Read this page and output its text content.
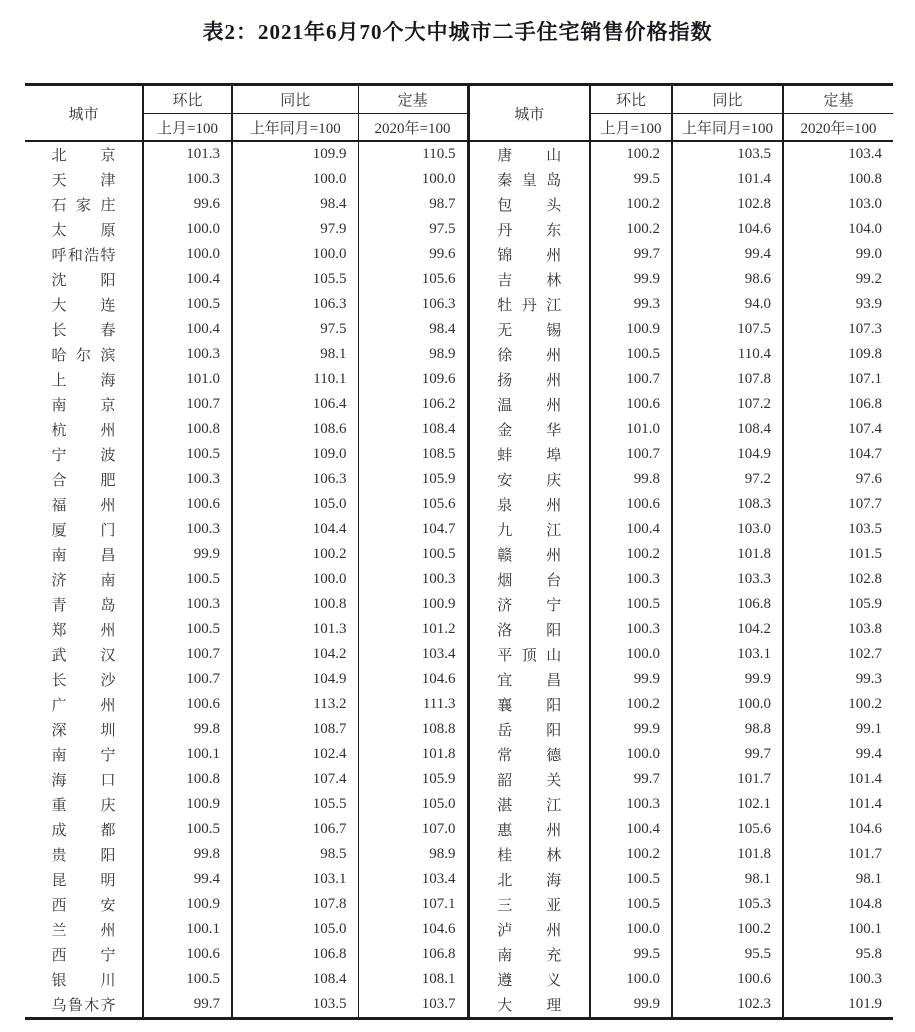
表2：2021年6月70个大中城市二手住宅销售价格指数
城市	环比	同比	定基	城市	环比	同比	定基
	上月=100	上年同月=100	2020年=100		上月=100	上年同月=100	2020年=100
北京	101.3	109.9	110.5	唐山	100.2	103.5	103.4
天津	100.3	100.0	100.0	秦皇岛	99.5	101.4	100.8
石家庄	99.6	98.4	98.7	包头	100.2	102.8	103.0
太原	100.0	97.9	97.5	丹东	100.2	104.6	104.0
呼和浩特	100.0	100.0	99.6	锦州	99.7	99.4	99.0
沈阳	100.4	105.5	105.6	吉林	99.9	98.6	99.2
大连	100.5	106.3	106.3	牡丹江	99.3	94.0	93.9
长春	100.4	97.5	98.4	无锡	100.9	107.5	107.3
哈尔滨	100.3	98.1	98.9	徐州	100.5	110.4	109.8
上海	101.0	110.1	109.6	扬州	100.7	107.8	107.1
南京	100.7	106.4	106.2	温州	100.6	107.2	106.8
杭州	100.8	108.6	108.4	金华	101.0	108.4	107.4
宁波	100.5	109.0	108.5	蚌埠	100.7	104.9	104.7
合肥	100.3	106.3	105.9	安庆	99.8	97.2	97.6
福州	100.6	105.0	105.6	泉州	100.6	108.3	107.7
厦门	100.3	104.4	104.7	九江	100.4	103.0	103.5
南昌	99.9	100.2	100.5	赣州	100.2	101.8	101.5
济南	100.5	100.0	100.3	烟台	100.3	103.3	102.8
青岛	100.3	100.8	100.9	济宁	100.5	106.8	105.9
郑州	100.5	101.3	101.2	洛阳	100.3	104.2	103.8
武汉	100.7	104.2	103.4	平顶山	100.0	103.1	102.7
长沙	100.7	104.9	104.6	宜昌	99.9	99.9	99.3
广州	100.6	113.2	111.3	襄阳	100.2	100.0	100.2
深圳	99.8	108.7	108.8	岳阳	99.9	98.8	99.1
南宁	100.1	102.4	101.8	常德	100.0	99.7	99.4
海口	100.8	107.4	105.9	韶关	99.7	101.7	101.4
重庆	100.9	105.5	105.0	湛江	100.3	102.1	101.4
成都	100.5	106.7	107.0	惠州	100.4	105.6	104.6
贵阳	99.8	98.5	98.9	桂林	100.2	101.8	101.7
昆明	99.4	103.1	103.4	北海	100.5	98.1	98.1
西安	100.9	107.8	107.1	三亚	100.5	105.3	104.8
兰州	100.1	105.0	104.6	泸州	100.0	100.2	100.1
西宁	100.6	106.8	106.8	南充	99.5	95.5	95.8
银川	100.5	108.4	108.1	遵义	100.0	100.6	100.3
乌鲁木齐	99.7	103.5	103.7	大理	99.9	102.3	101.9
